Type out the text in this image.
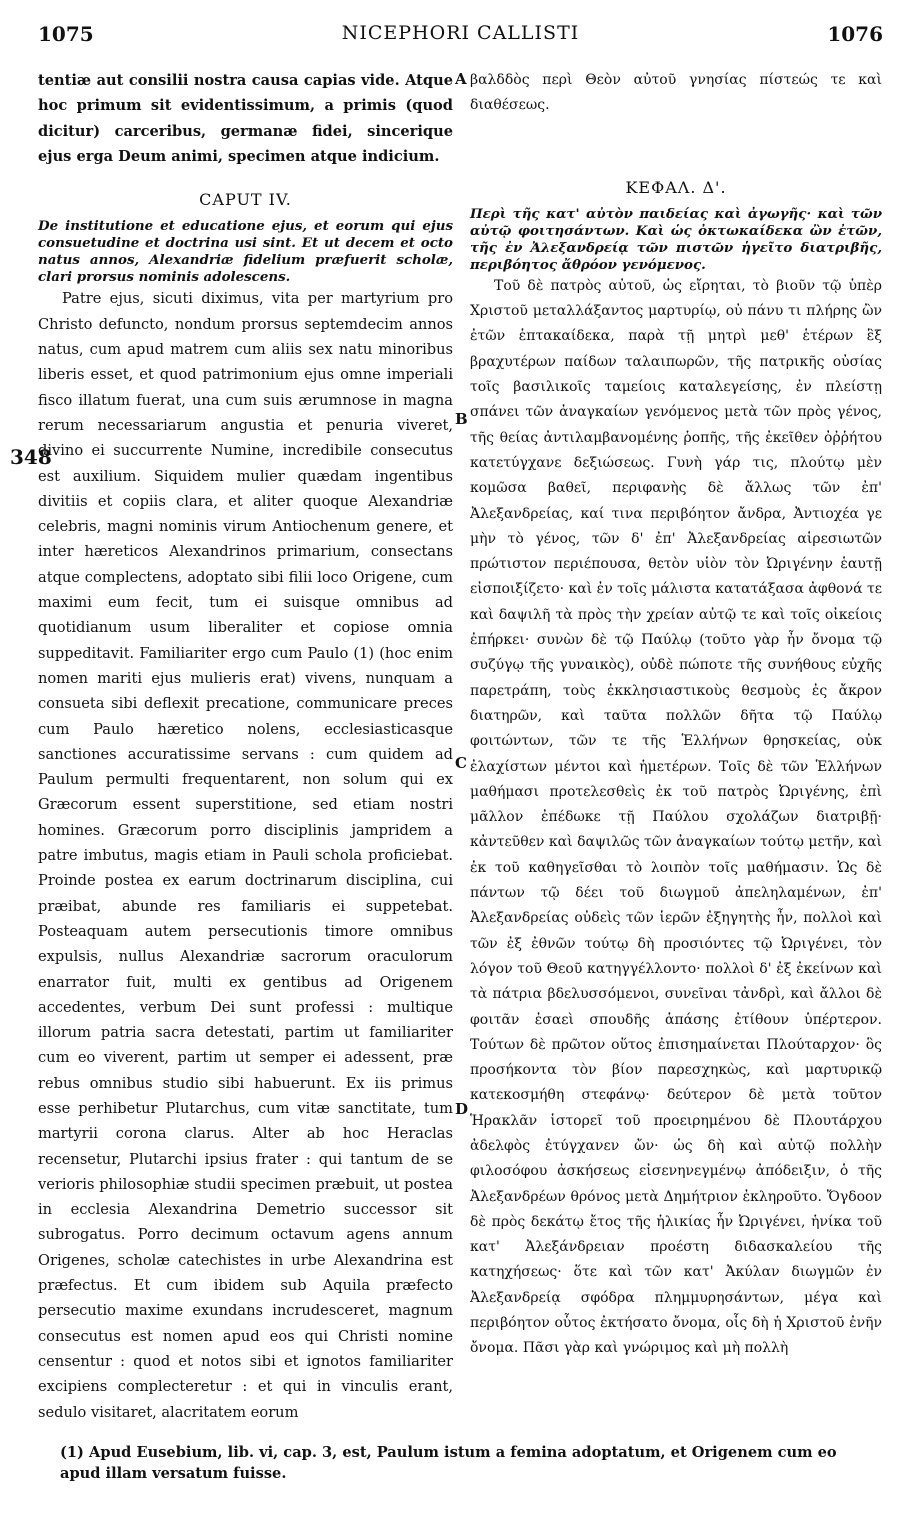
1075	NICEPHORI CALLISTI	1076
A
B
C
D
348

tentiæ aut consilii nostra causa capias vide. Atque hoc primum sit evidentissimum, a primis (quod dicitur) carceribus, germanæ fidei, sincerique ejus erga Deum animi, specimen atque indicium.

CAPUT IV.

De institutione et educatione ejus, et eorum qui ejus consuetudine et doctrina usi sint. Et ut decem et octo natus annos, Alexandriæ fidelium præfuerit scholæ, clari prorsus nominis adolescens.

Patre ejus, sicuti diximus, vita per martyrium pro Christo defuncto, nondum prorsus septemdecim annos natus, cum apud matrem cum aliis sex natu minoribus liberis esset, et quod patrimonium ejus omne imperiali fisco illatum fuerat, una cum suis ærumnose in magna rerum necessariarum angustia et penuria viveret, divino ei succurrente Numine, incredibile consecutus est auxilium. Siquidem mulier quædam ingentibus divitiis et copiis clara, et aliter quoque Alexandriæ celebris, magni nominis virum Antiochenum genere, et inter hæreticos Alexandrinos primarium, consectans atque complectens, adoptato sibi filii loco Origene, cum maximi eum fecit, tum ei suisque omnibus ad quotidianum usum liberaliter et copiose omnia suppeditavit. Familiariter ergo cum Paulo (1) (hoc enim nomen mariti ejus mulieris erat) vivens, nunquam a consueta sibi deflexit precatione, communicare preces cum Paulo hæretico nolens, ecclesiasticasque sanctiones accuratissime servans : cum quidem ad Paulum permulti frequentarent, non solum qui ex Græcorum essent superstitione, sed etiam nostri homines. Græcorum porro disciplinis jampridem a patre imbutus, magis etiam in Pauli schola proficiebat. Proinde postea ex earum doctrinarum disciplina, cui præibat, abunde res familiaris ei suppetebat. Posteaquam autem persecutionis timore omnibus expulsis, nullus Alexandriæ sacrorum oraculorum enarrator fuit, multi ex gentibus ad Origenem accedentes, verbum Dei sunt professi : multique illorum patria sacra detestati, partim ut familiariter cum eo viverent, partim ut semper ei adessent, præ rebus omnibus studio sibi habuerunt. Ex iis primus esse perhibetur Plutarchus, cum vitæ sanctitate, tum martyrii corona clarus. Alter ab hoc Heraclas recensetur, Plutarchi ipsius frater : qui tantum de se verioris philosophiæ studii specimen præbuit, ut postea in ecclesia Alexandrina Demetrio successor sit subrogatus. Porro decimum octavum agens annum Origenes, scholæ catechistes in urbe Alexandrina est præfectus. Et cum ibidem sub Aquila præfecto persecutio maxime exundans incrudesceret, magnum consecutus est nomen apud eos qui Christi nomine censentur : quod et notos sibi et ignotos familiariter excipiens complecteretur : et qui in vinculis erant, sedulo visitaret, alacritatem eorum

βαλδδὸς περὶ Θεὸν αὐτοῦ γνησίας πίστεώς τε καὶ διαθέσεως.

ΚΕΦΑΛ. Δ'.

Περὶ τῆς κατ' αὐτὸν παιδείας καὶ ἀγωγῆς· καὶ τῶν αὐτῷ φοιτησάντων. Καὶ ὡς ὀκτωκαίδεκα ὢν ἐτῶν, τῆς ἐν Ἀλεξανδρείᾳ τῶν πιστῶν ἡγεῖτο διατριβῆς, περιβόητος ἄθρόον γενόμενος.

Τοῦ δὲ πατρὸς αὐτοῦ, ὡς εἴρηται, τὸ βιοῦν τῷ ὑπὲρ Χριστοῦ μεταλλάξαντος μαρτυρίῳ, οὐ πάνυ τι πλήρης ὢν ἐτῶν ἑπτακαίδεκα, παρὰ τῇ μητρὶ μεθ' ἑτέρων ἓξ βραχυτέρων παίδων ταλαιπωρῶν, τῆς πατρικῆς οὐσίας τοῖς βασιλικοῖς ταμείοις καταλεγείσης, ἐν πλείστῃ σπάνει τῶν ἀναγκαίων γενόμενος μετὰ τῶν πρὸς γένος, τῆς θείας ἀντιλαμβανομένης ῥοπῆς, τῆς ἐκεῖθεν ὀῤῥήτου κατετύγχανε δεξιώσεως. Γυνὴ γάρ τις, πλούτῳ μὲν κομῶσα βαθεῖ, περιφανὴς δὲ ἄλλως τῶν ἐπ' Ἀλεξανδρείας, καί τινα περιβόητον ἄνδρα, Ἀντιοχέα γε μὴν τὸ γένος, τῶν δ' ἐπ' Ἀλεξανδρείας αἱρεσιωτῶν πρώτιστον περιέπουσα, θετὸν υἱὸν τὸν Ὠριγένην ἑαυτῇ εἰσποιξίζετο· καὶ ἐν τοῖς μάλιστα κατατάξασα ἀφθονά τε καὶ δαψιλῆ τὰ πρὸς τὴν χρείαν αὐτῷ τε καὶ τοῖς οἰκείοις ἐπήρκει· συνὼν δὲ τῷ Παύλῳ (τοῦτο γὰρ ἦν ὄνομα τῷ συζύγῳ τῆς γυναικὸς), οὐδὲ πώποτε τῆς συνήθους εὐχῆς παρετράπη, τοὺς ἐκκλησιαστικοὺς θεσμοὺς ἐς ἄκρον διατηρῶν, καὶ ταῦτα πολλῶν δῆτα τῷ Παύλῳ φοιτώντων, τῶν τε τῆς Ἑλλήνων θρησκείας, οὐκ ἐλαχίστων μέντοι καὶ ἡμετέρων. Τοῖς δὲ τῶν Ἑλλήνων μαθήμασι προτελεσθεὶς ἐκ τοῦ πατρὸς Ὠριγένης, ἐπὶ μᾶλλον ἐπέδωκε τῇ Παύλου σχολάζων διατριβῇ· κἀντεῦθεν καὶ δαψιλῶς τῶν ἀναγκαίων τούτῳ μετῆν, καὶ ἐκ τοῦ καθηγεῖσθαι τὸ λοιπὸν τοῖς μαθήμασιν. Ὡς δὲ πάντων τῷ δέει τοῦ διωγμοῦ ἀπεληλαμένων, ἐπ' Ἀλεξανδρείας οὐδεὶς τῶν ἱερῶν ἐξηγητὴς ἦν, πολλοὶ καὶ τῶν ἐξ ἐθνῶν τούτῳ δὴ προσιόντες τῷ Ὠριγένει, τὸν λόγον τοῦ Θεοῦ κατηγγέλλοντο· πολλοὶ δ' ἐξ ἐκείνων καὶ τὰ πάτρια βδελυσσόμενοι, συνεῖναι τἀνδρὶ, καὶ ἄλλοι δὲ φοιτᾶν ἐσαεὶ σπουδῆς ἁπάσης ἐτίθουν ὑπέρτερον. Τούτων δὲ πρῶτον οὕτος ἐπισημαίνεται Πλούταρχον· ὃς προσήκοντα τὸν βίον παρεσχηκὼς, καὶ μαρτυρικῷ κατεκοσμήθη στεφάνῳ· δεύτερον δὲ μετὰ τοῦτον Ἡρακλᾶν ἱστορεῖ τοῦ προειρημένου δὲ Πλουτάρχου ἀδελφὸς ἐτύγχανεν ὤν· ὡς δὴ καὶ αὐτῷ πολλὴν φιλοσόφου ἀσκήσεως εἰσενηνεγμένῳ ἀπόδειξιν, ὁ τῆς Ἀλεξανδρέων θρόνος μετὰ Δημήτριον ἐκληροῦτο. Ὄγδοον δὲ πρὸς δεκάτῳ ἔτος τῆς ἡλικίας ἦν Ὠριγένει, ἡνίκα τοῦ κατ' Ἀλεξάνδρειαν προέστη διδασκαλείου τῆς κατηχήσεως· ὅτε καὶ τῶν κατ' Ἀκύλαν διωγμῶν ἐν Ἀλεξανδρείᾳ σφόδρα πλημμυρησάντων, μέγα καὶ περιβόητον οὗτος ἐκτήσατο ὄνομα, οἷς δὴ ἡ Χριστοῦ ἐνῆν ὄνομα. Πᾶσι γὰρ καὶ γνώριμος καὶ μὴ πολλὴ

(1) Apud Eusebium, lib. vi, cap. 3, est, Paulum istum a femina adoptatum, et Origenem cum eo apud illam versatum fuisse.
